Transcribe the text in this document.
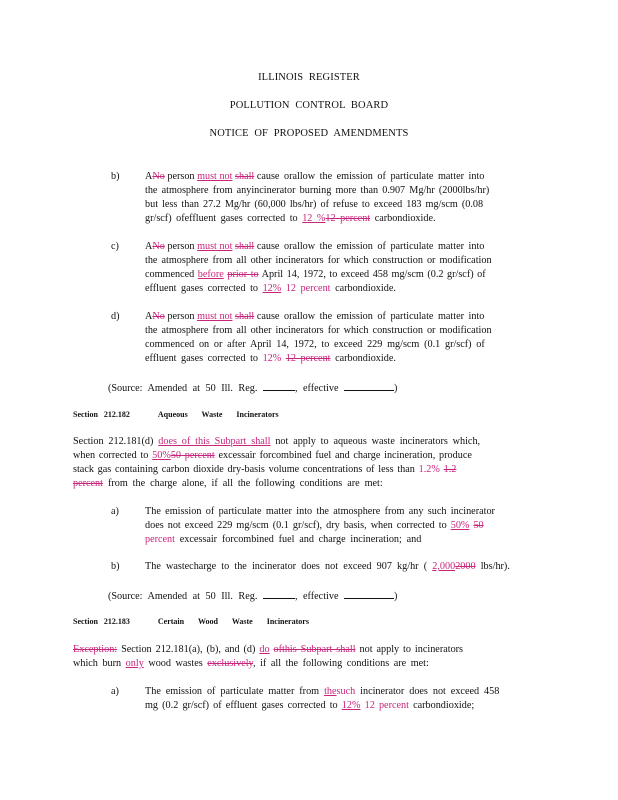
ILLINOIS REGISTER
POLLUTION CONTROL BOARD
NOTICE OF PROPOSED AMENDMENTS
b)	ANo person must not shall cause orallow the emission of particulate matter into
the atmosphere from anyincinerator burning more than 0.907 Mg/hr (2000lbs/hr)
but less than 27.2 Mg/hr (60,000 lbs/hr) of refuse to exceed 183 mg/scm (0.08
gr/scf) ofeffluent gases corrected to 12 %12 percent carbondioxide.
c)	ANo person must not shall cause orallow the emission of particulate matter into
the atmosphere from all other incinerators for which construction or modification
commenced before prior to April 14, 1972, to exceed 458 mg/scm (0.2 gr/scf) of
effluent gases corrected to 12% 12 percent carbondioxide.
d)	ANo person must not shall cause orallow the emission of particulate matter into
the atmosphere from all other incinerators for which construction or modification
commenced on or after April 14, 1972, to exceed 229 mg/scm (0.1 gr/scf) of
effluent gases corrected to 12% 12 percent carbondioxide.
(Source: Amended at 50 Ill. Reg.	, effective	)
Section 212.182	Aqueous Waste Incinerators
Section 212.181(d) does of this Subpart shall not apply to aqueous waste incinerators which,
when corrected to 50%50 percent excessair forcombined fuel and charge incineration, produce
stack gas containing carbon dioxide dry-basis volume concentrations of less than 1.2% 1.2
percent from the charge alone, if all the following conditions are met:
a)	The emission of particulate matter into the atmosphere from any such incinerator
does not exceed 229 mg/scm (0.1 gr/scf), dry basis, when corrected to 50% 50
percent excessair forcombined fuel and charge incineration; and
b)	The wastecharge to the incinerator does not exceed 907 kg/hr ( 2,0002000 lbs/hr).
(Source: Amended at 50 Ill. Reg.	, effective	)
Section 212.183	Certain Wood Waste Incinerators
Exception: Section 212.181(a), (b), and (d) do ofthis Subpart shall not apply to incinerators
which burn only wood wastes exclusively, if all the following conditions are met:
a)	The emission of particulate matter from thesuch incinerator does not exceed 458
mg (0.2 gr/scf) of effluent gases corrected to 12% 12 percent carbondioxide;
